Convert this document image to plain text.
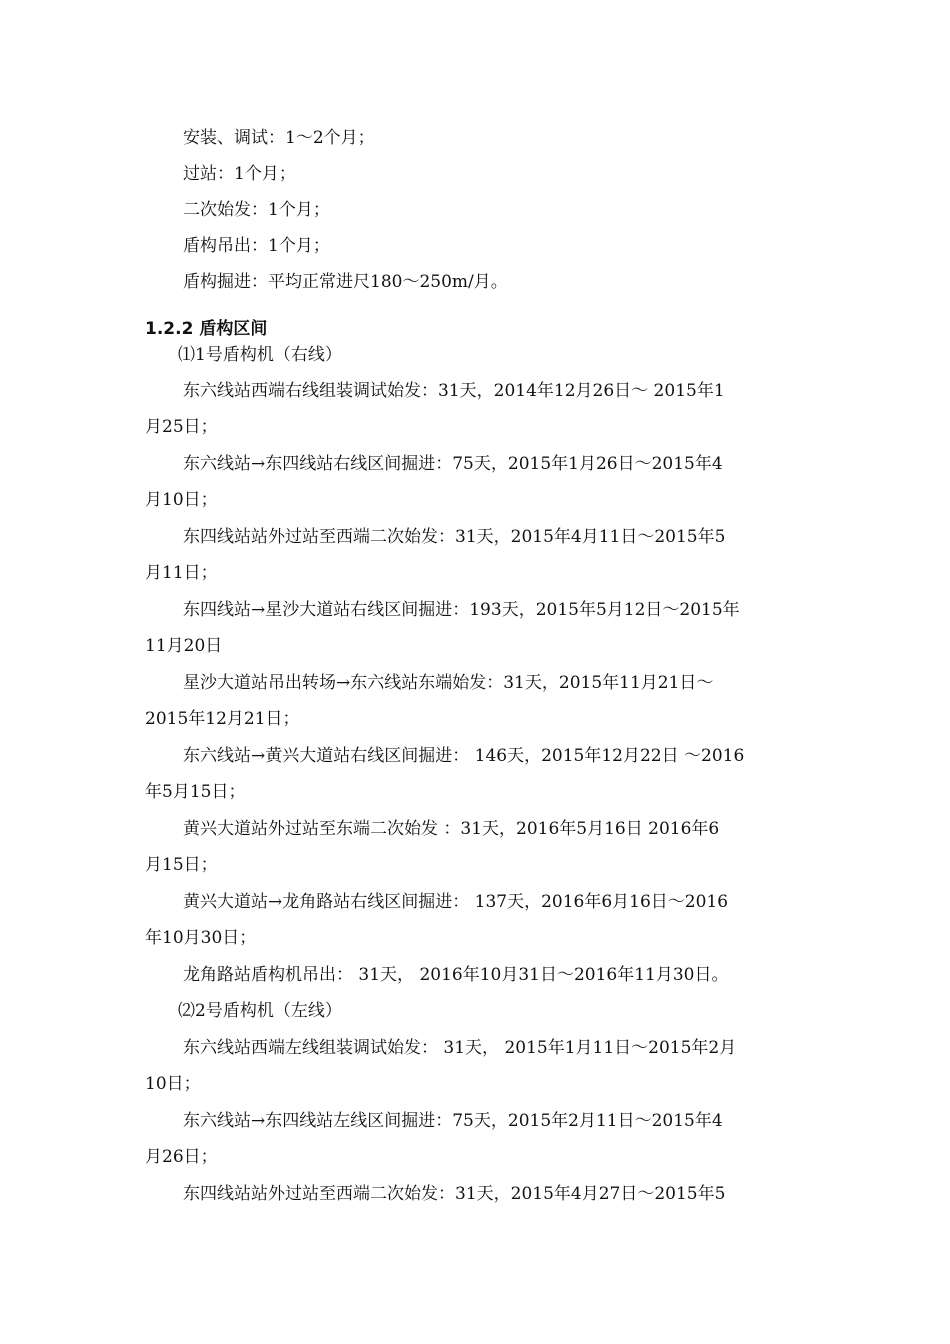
安装、调试：1～2个月；
过站：1个月；
二次始发：1个月；
盾构吊出：1个月；
盾构掘进：平均正常进尺180～250m/月。
1.2.2 盾构区间
⑴1号盾构机（右线）
东六线站西端右线组装调试始发：31天，2014年12月26日～ 2015年1
月25日；
东六线站→东四线站右线区间掘进：75天，2015年1月26日～2015年4
月10日；
东四线站站外过站至西端二次始发：31天，2015年4月11日～2015年5
月11日；
东四线站→星沙大道站右线区间掘进：193天，2015年5月12日～2015年
11月20日
星沙大道站吊出转场→东六线站东端始发：31天，2015年11月21日～
2015年12月21日；
东六线站→黄兴大道站右线区间掘进： 146天，2015年12月22日 ～2016
年5月15日；
黄兴大道站外过站至东端二次始发 ：31天，2016年5月16日 2016年6
月15日；
黄兴大道站→龙角路站右线区间掘进： 137天，2016年6月16日～2016
年10月30日；
龙角路站盾构机吊出： 31天， 2016年10月31日～2016年11月30日。
⑵2号盾构机（左线）
东六线站西端左线组装调试始发： 31天， 2015年1月11日～2015年2月
10日；
东六线站→东四线站左线区间掘进：75天，2015年2月11日～2015年4
月26日；
东四线站站外过站至西端二次始发：31天，2015年4月27日～2015年5
